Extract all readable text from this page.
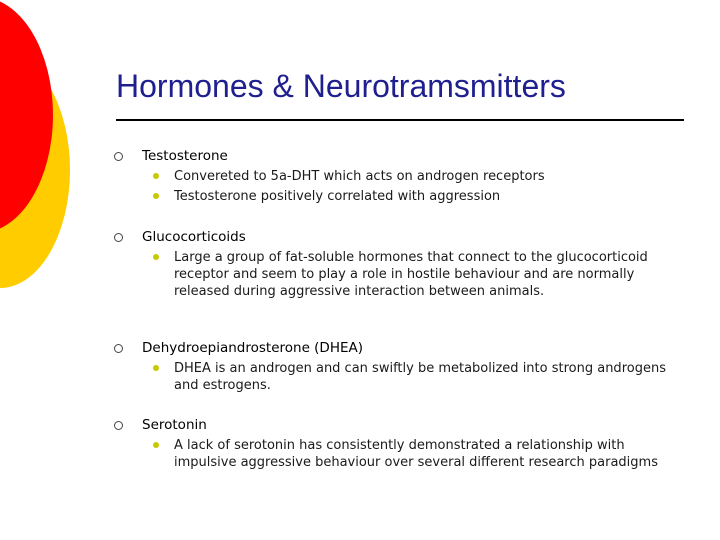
Hormones & Neurotramsmitters
Testosterone
Convereted to 5a-DHT which acts on androgen receptors
Testosterone positively correlated with aggression
Glucocorticoids
Large a group of fat-soluble hormones that connect to the glucocorticoid receptor and seem to play a role in hostile behaviour and are normally released during aggressive interaction between animals.
Dehydroepiandrosterone (DHEA)
DHEA is an androgen and can swiftly be metabolized into strong androgens and estrogens.
Serotonin
A lack of serotonin has consistently demonstrated a relationship with impulsive aggressive behaviour over several different research paradigms
